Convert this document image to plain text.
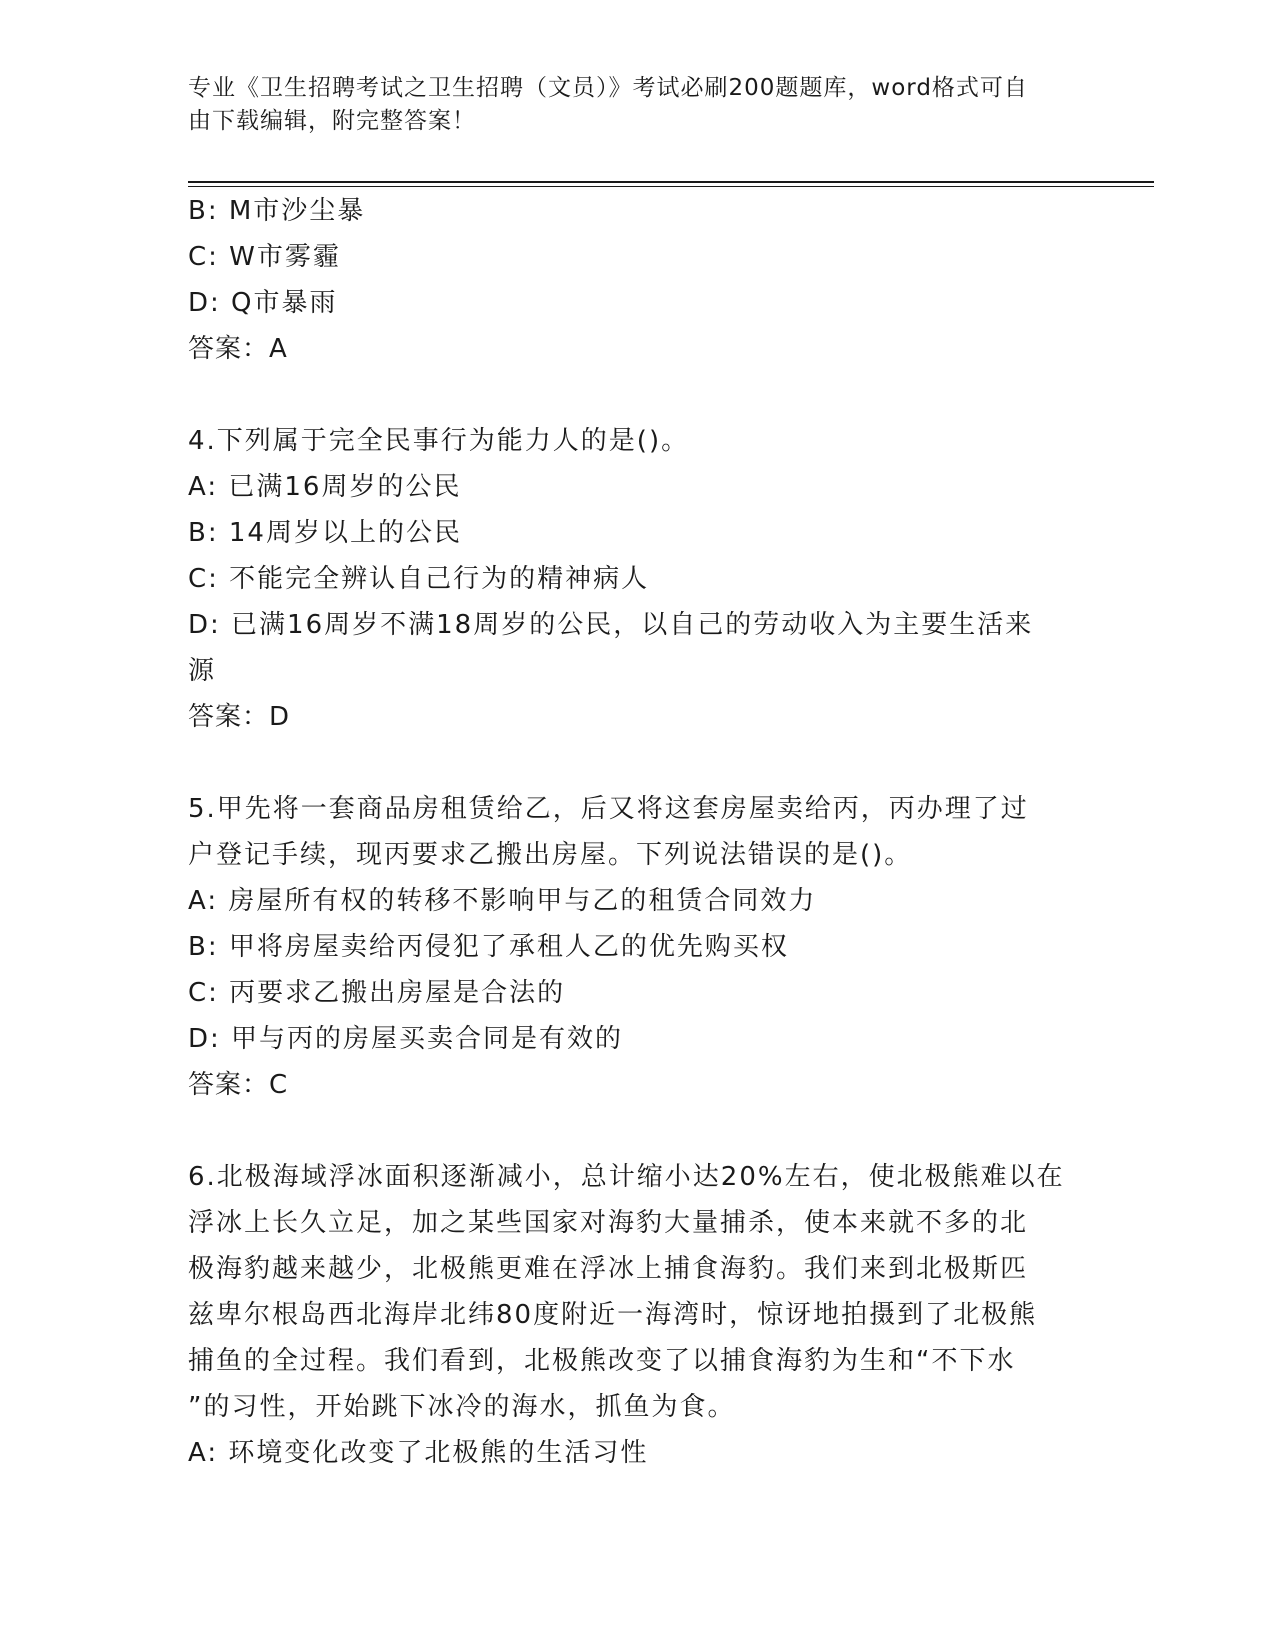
专业《卫生招聘考试之卫生招聘（文员）》考试必刷200题题库，word格式可自
由下载编辑，附完整答案！

B: M市沙尘暴

C: W市雾霾

D: Q市暴雨

答案：A

4.下列属于完全民事行为能力人的是()。

A: 已满16周岁的公民

B: 14周岁以上的公民

C: 不能完全辨认自己行为的精神病人

D: 已满16周岁不满18周岁的公民，以自己的劳动收入为主要生活来

源

答案：D

5.甲先将一套商品房租赁给乙，后又将这套房屋卖给丙，丙办理了过

户登记手续，现丙要求乙搬出房屋。下列说法错误的是()。

A: 房屋所有权的转移不影响甲与乙的租赁合同效力

B: 甲将房屋卖给丙侵犯了承租人乙的优先购买权

C: 丙要求乙搬出房屋是合法的

D: 甲与丙的房屋买卖合同是有效的

答案：C

6.北极海域浮冰面积逐渐减小，总计缩小达20%左右，使北极熊难以在

浮冰上长久立足，加之某些国家对海豹大量捕杀，使本来就不多的北

极海豹越来越少，北极熊更难在浮冰上捕食海豹。我们来到北极斯匹

兹卑尔根岛西北海岸北纬80度附近一海湾时，惊讶地拍摄到了北极熊

捕鱼的全过程。我们看到，北极熊改变了以捕食海豹为生和“不下水

”的习性，开始跳下冰冷的海水，抓鱼为食。

A: 环境变化改变了北极熊的生活习性
